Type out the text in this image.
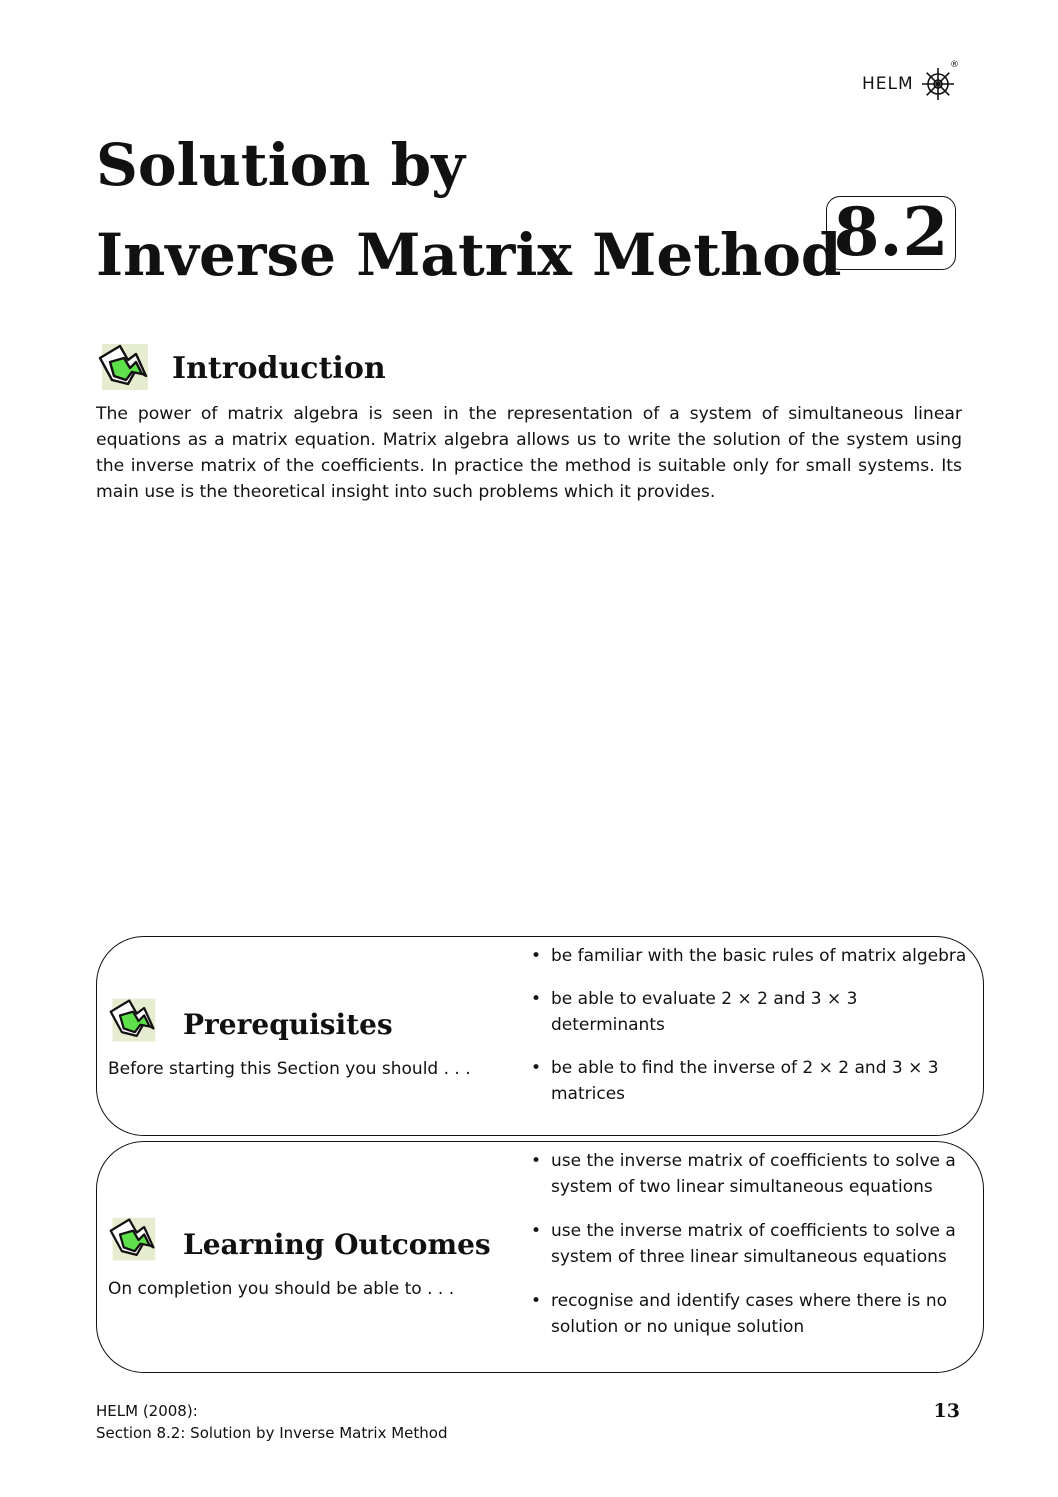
HELM
®
Solution by
Inverse Matrix Method
8.2
Introduction

The power of matrix algebra is seen in the representation of a system of simultaneous linear equations as a matrix equation. Matrix algebra allows us to write the solution of the system using the inverse matrix of the coefficients. In practice the method is suitable only for small systems. Its main use is the theoretical insight into such problems which it provides.

Prerequisites

Before starting this Section you should . . .

• be familiar with the basic rules of matrix algebra
• be able to evaluate 2 × 2 and 3 × 3 determinants
• be able to find the inverse of 2 × 2 and 3 × 3 matrices
Learning Outcomes

On completion you should be able to . . .

• use the inverse matrix of coefficients to solve a system of two linear simultaneous equations
• use the inverse matrix of coefficients to solve a system of three linear simultaneous equations
• recognise and identify cases where there is no solution or no unique solution

HELM (2008):
Section 8.2: Solution by Inverse Matrix Method

13
